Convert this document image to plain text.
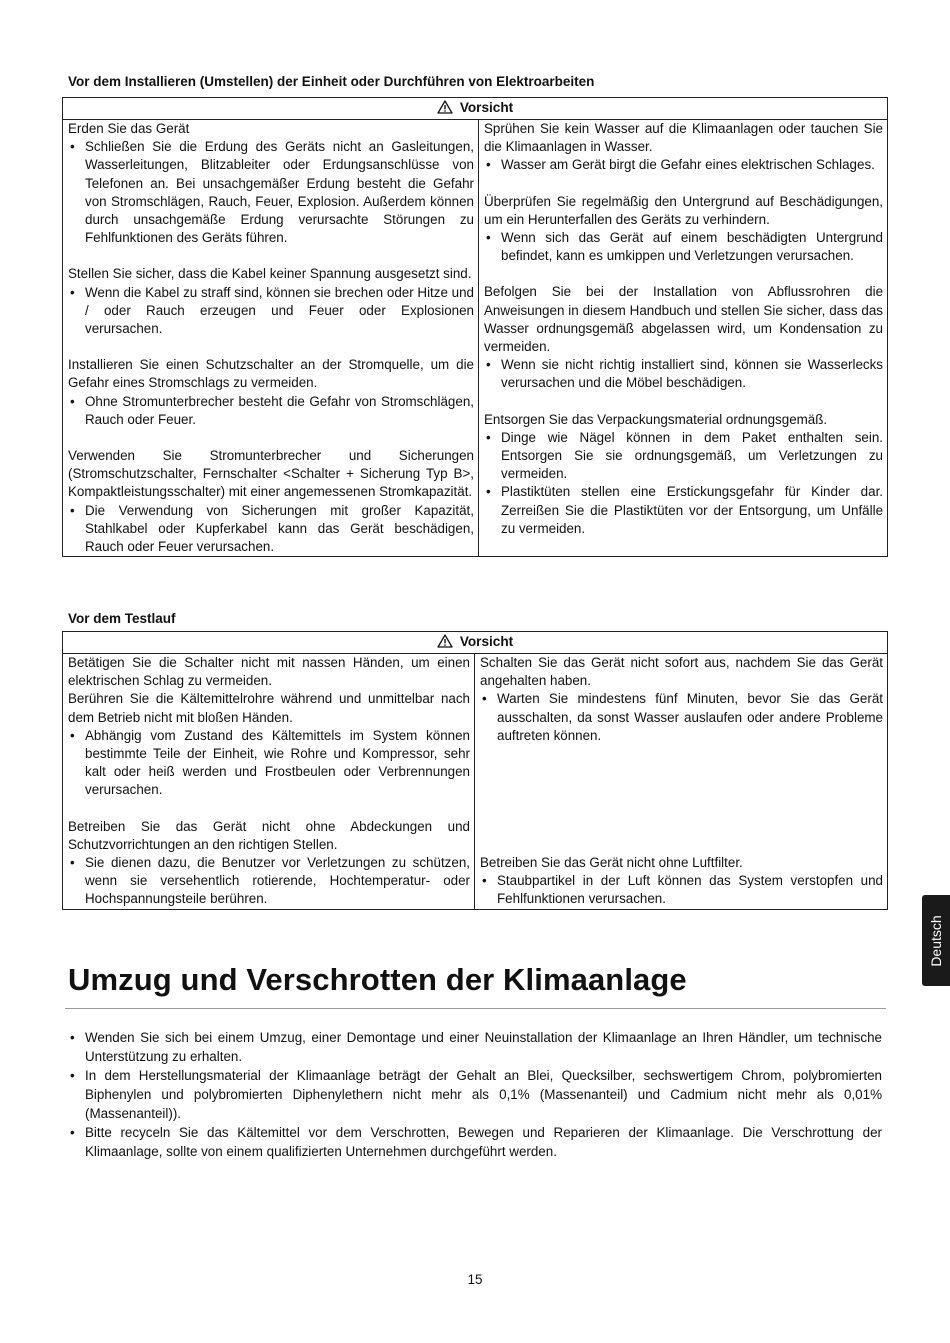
Vor dem Installieren (Umstellen) der Einheit oder Durchführen von Elektroarbeiten
Vorsicht

Erden Sie das Gerät
• Schließen Sie die Erdung des Geräts nicht an Gasleitungen, Wasserleitungen, Blitzableiter oder Erdungsanschlüsse von Telefonen an. Bei unsachgemäßer Erdung besteht die Gefahr von Stromschlägen, Rauch, Feuer, Explosion. Außerdem können durch unsachgemäße Erdung verursachte Störungen zu Fehlfunktionen des Geräts führen.
Stellen Sie sicher, dass die Kabel keiner Spannung ausgesetzt sind.
• Wenn die Kabel zu straff sind, können sie brechen oder Hitze und / oder Rauch erzeugen und Feuer oder Explosionen verursachen.
Installieren Sie einen Schutzschalter an der Stromquelle, um die Gefahr eines Stromschlags zu vermeiden.
• Ohne Stromunterbrecher besteht die Gefahr von Stromschlägen, Rauch oder Feuer.
Verwenden Sie Stromunterbrecher und Sicherungen (Stromschutzschalter, Fernschalter <Schalter + Sicherung Typ B>, Kompaktleistungsschalter) mit einer angemessenen Stromkapazität.
• Die Verwendung von Sicherungen mit großer Kapazität, Stahlkabel oder Kupferkabel kann das Gerät beschädigen, Rauch oder Feuer verursachen.

Sprühen Sie kein Wasser auf die Klimaanlagen oder tauchen Sie die Klimaanlagen in Wasser.
• Wasser am Gerät birgt die Gefahr eines elektrischen Schlages.
Überprüfen Sie regelmäßig den Untergrund auf Beschädigungen, um ein Herunterfallen des Geräts zu verhindern.
• Wenn sich das Gerät auf einem beschädigten Untergrund befindet, kann es umkippen und Verletzungen verursachen.
Befolgen Sie bei der Installation von Abflussrohren die Anweisungen in diesem Handbuch und stellen Sie sicher, dass das Wasser ordnungsgemäß abgelassen wird, um Kondensation zu vermeiden.
• Wenn sie nicht richtig installiert sind, können sie Wasserlecks verursachen und die Möbel beschädigen.
Entsorgen Sie das Verpackungsmaterial ordnungsgemäß.
• Dinge wie Nägel können in dem Paket enthalten sein. Entsorgen Sie sie ordnungsgemäß, um Verletzungen zu vermeiden.
• Plastiktüten stellen eine Erstickungsgefahr für Kinder dar. Zerreißen Sie die Plastiktüten vor der Entsorgung, um Unfälle zu vermeiden.
Vor dem Testlauf
Vorsicht

Betätigen Sie die Schalter nicht mit nassen Händen, um einen elektrischen Schlag zu vermeiden.
Berühren Sie die Kältemittelrohre während und unmittelbar nach dem Betrieb nicht mit bloßen Händen.
• Abhängig vom Zustand des Kältemittels im System können bestimmte Teile der Einheit, wie Rohre und Kompressor, sehr kalt oder heiß werden und Frostbeulen oder Verbrennungen verursachen.
Betreiben Sie das Gerät nicht ohne Abdeckungen und Schutzvorrichtungen an den richtigen Stellen.
• Sie dienen dazu, die Benutzer vor Verletzungen zu schützen, wenn sie versehentlich rotierende, Hochtemperatur- oder Hochspannungsteile berühren.

Schalten Sie das Gerät nicht sofort aus, nachdem Sie das Gerät angehalten haben.
• Warten Sie mindestens fünf Minuten, bevor Sie das Gerät ausschalten, da sonst Wasser auslaufen oder andere Probleme auftreten können.
Betreiben Sie das Gerät nicht ohne Luftfilter.
• Staubpartikel in der Luft können das System verstopfen und Fehlfunktionen verursachen.
Deutsch
Umzug und Verschrotten der Klimaanlage
• Wenden Sie sich bei einem Umzug, einer Demontage und einer Neuinstallation der Klimaanlage an Ihren Händler, um technische Unterstützung zu erhalten.
• In dem Herstellungsmaterial der Klimaanlage beträgt der Gehalt an Blei, Quecksilber, sechswertigem Chrom, polybromierten Biphenylen und polybromierten Diphenylethern nicht mehr als 0,1% (Massenanteil) und Cadmium nicht mehr als 0,01% (Massenanteil)).
• Bitte recyceln Sie das Kältemittel vor dem Verschrotten, Bewegen und Reparieren der Klimaanlage. Die Verschrottung der Klimaanlage, sollte von einem qualifizierten Unternehmen durchgeführt werden.
15
